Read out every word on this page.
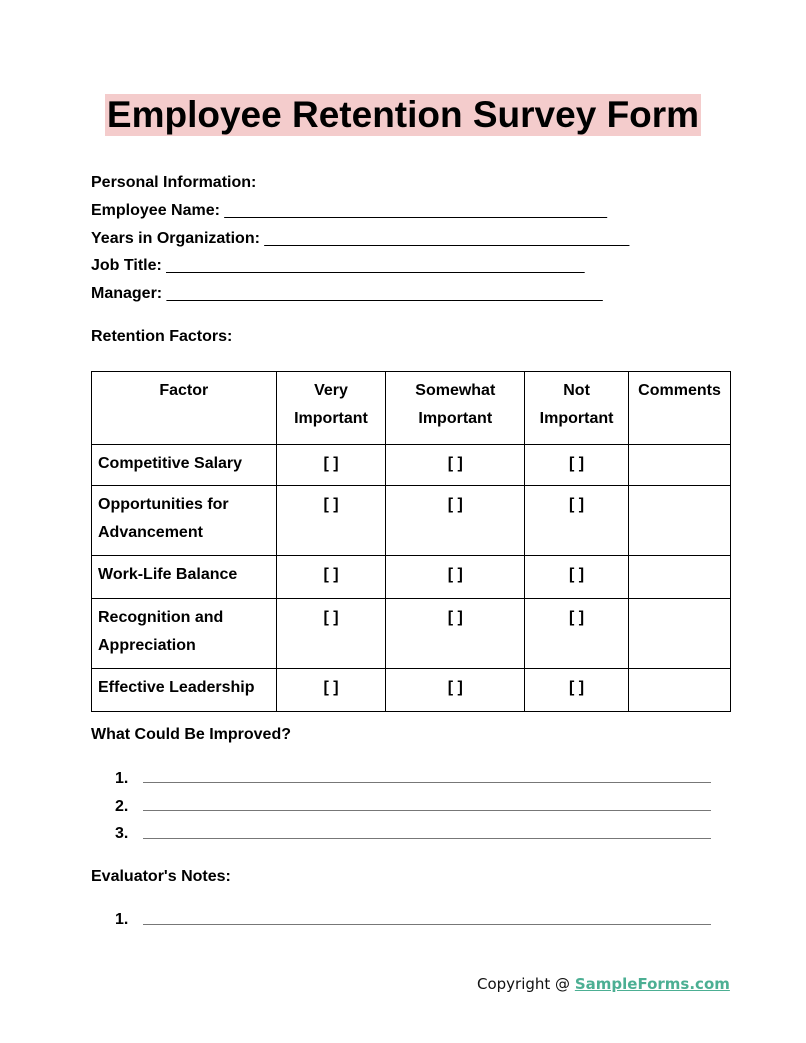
Employee Retention Survey Form
Personal Information:
Employee Name: ___________________________________________
Years in Organization: _________________________________________
Job Title: _______________________________________________
Manager: _________________________________________________
Retention Factors:
Factor	Very Important	Somewhat Important	Not Important	Comments
Competitive Salary	[ ]	[ ]	[ ]	
Opportunities for Advancement	[ ]	[ ]	[ ]	
Work-Life Balance	[ ]	[ ]	[ ]	
Recognition and Appreciation	[ ]	[ ]	[ ]	
Effective Leadership	[ ]	[ ]	[ ]	
What Could Be Improved?
1.
2.
3.
Evaluator's Notes:
1.
Copyright @ SampleForms.com
